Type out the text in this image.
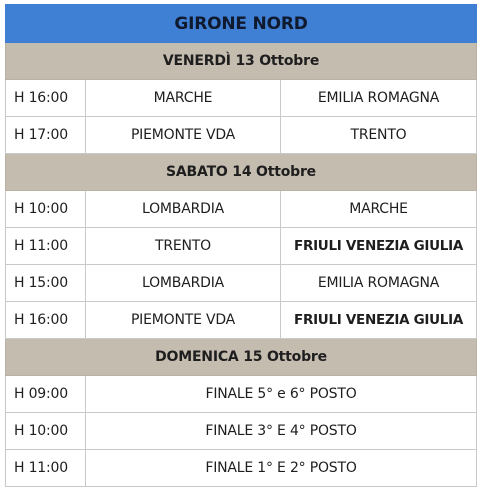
GIRONE NORD		
VENERDÌ 13 Ottobre		
H 16:00	MARCHE	EMILIA ROMAGNA
H 17:00	PIEMONTE VDA	TRENTO
SABATO 14 Ottobre		
H 10:00	LOMBARDIA	MARCHE
H 11:00	TRENTO	FRIULI VENEZIA GIULIA
H 15:00	LOMBARDIA	EMILIA ROMAGNA
H 16:00	PIEMONTE VDA	FRIULI VENEZIA GIULIA
DOMENICA 15 Ottobre		
H 09:00	FINALE 5° e 6° POSTO	
H 10:00	FINALE 3° E 4° POSTO	
H 11:00	FINALE 1° E 2° POSTO	
